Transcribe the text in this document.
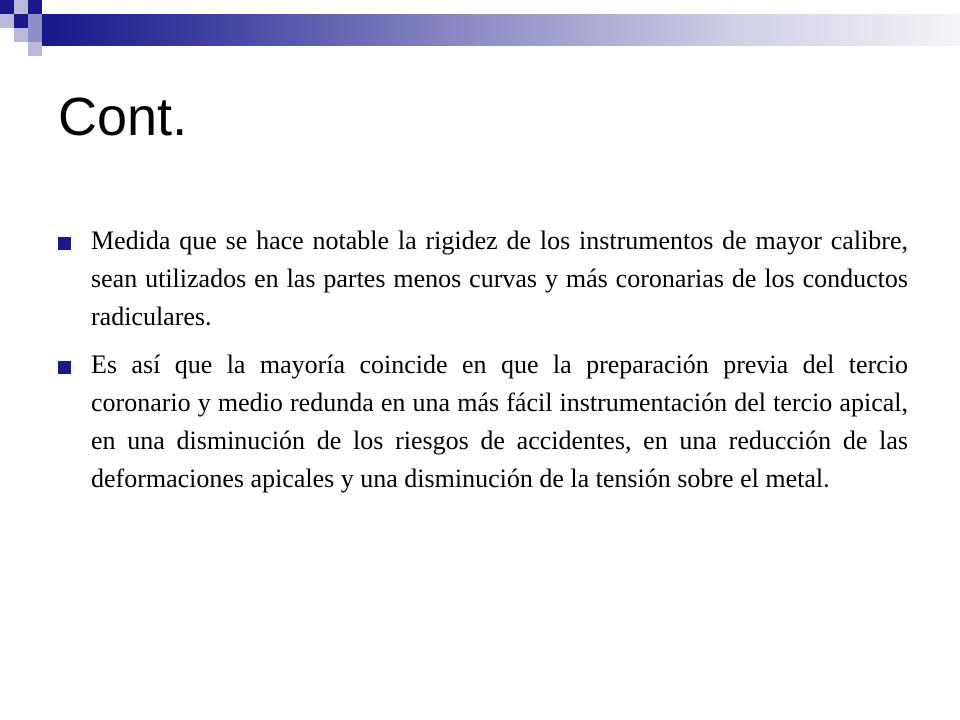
Cont.
Medida que se hace notable la rigidez de los instrumentos de mayor calibre, sean utilizados en las partes menos curvas y más coronarias de los conductos radiculares.
Es así que la mayoría coincide en que la preparación previa del tercio coronario y medio redunda en una más fácil instrumentación del tercio apical, en una disminución de los riesgos de accidentes, en una reducción de las deformaciones apicales y una disminución de la tensión sobre el metal.
